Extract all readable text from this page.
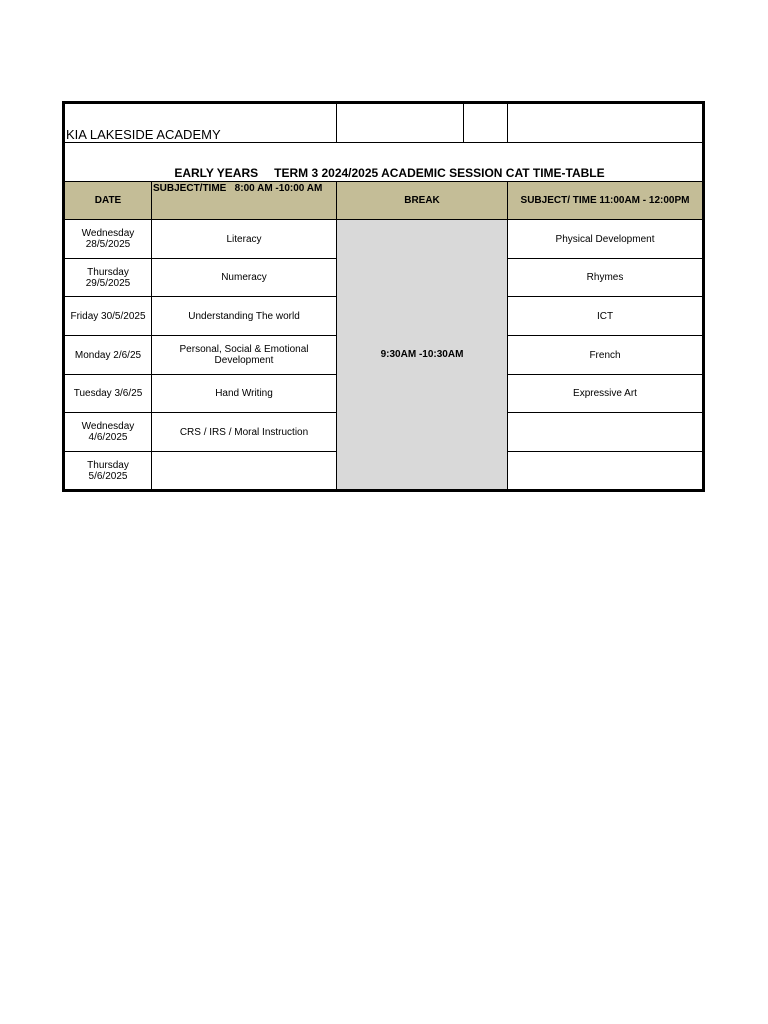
KIA LAKESIDE ACADEMY				
EARLY YEARS TERM 3 2024/2025 ACADEMIC SESSION CAT TIME-TABLE				
DATE	SUBJECT/TIME   8:00 AM -10:00 AM	BREAK		SUBJECT/ TIME 11:00AM - 12:00PM
Wednesday 28/5/2025	Literacy	9:30AM -10:30AM		Physical Development
Thursday 29/5/2025	Numeracy			Rhymes
Friday 30/5/2025	Understanding The world			ICT
Monday 2/6/25	Personal, Social & Emotional Development			French
Tuesday 3/6/25	Hand Writing			Expressive Art
Wednesday 4/6/2025	CRS / IRS / Moral Instruction			
Thursday 5/6/2025				
